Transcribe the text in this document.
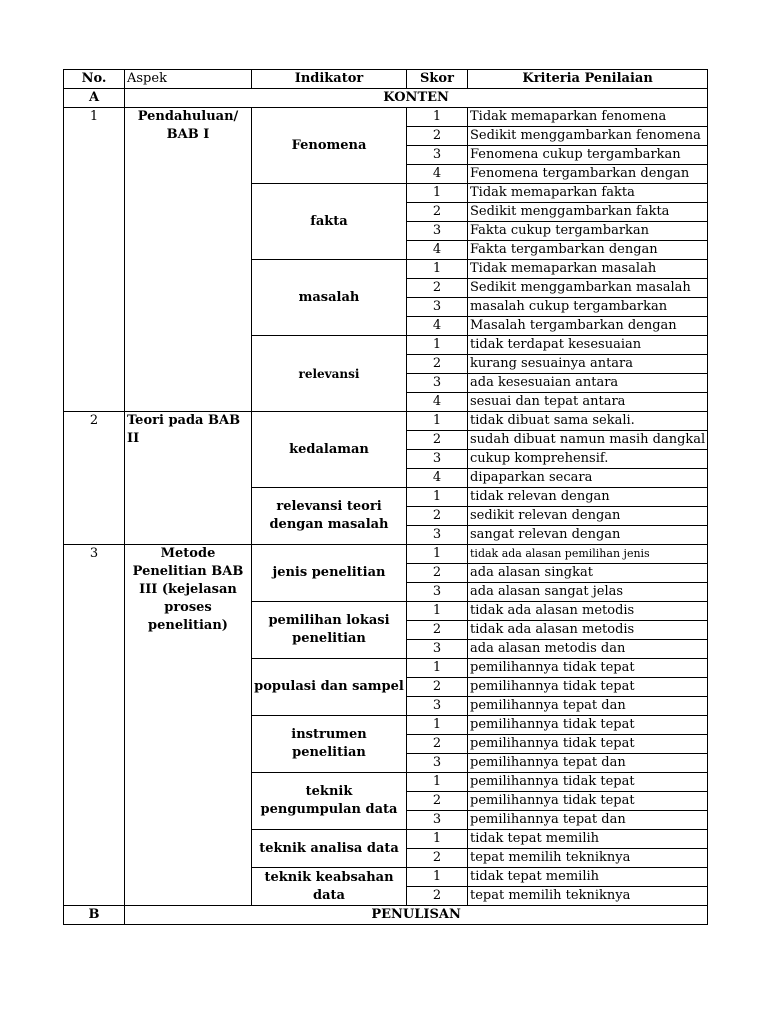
No.	Aspek	Indikator	Skor	Kriteria Penilaian
A	KONTEN			
1	Pendahuluan/ BAB I	Fenomena	1	Tidak memaparkan fenomena
			2	Sedikit menggambarkan fenomena
			3	Fenomena cukup tergambarkan
			4	Fenomena tergambarkan dengan
		fakta	1	Tidak memaparkan fakta
			2	Sedikit menggambarkan fakta
			3	Fakta cukup tergambarkan
			4	Fakta tergambarkan dengan
		masalah	1	Tidak memaparkan masalah
			2	Sedikit menggambarkan masalah
			3	masalah cukup tergambarkan
			4	Masalah tergambarkan dengan
		relevansi	1	tidak terdapat kesesuaian
			2	kurang sesuainya antara
			3	ada kesesuaian antara
			4	sesuai dan tepat antara
2	Teori pada BAB II	kedalaman	1	tidak dibuat sama sekali.
			2	sudah dibuat namun masih dangkal
			3	cukup komprehensif.
			4	dipaparkan secara
		relevansi teori dengan masalah	1	tidak relevan dengan
			2	sedikit relevan dengan
			3	sangat relevan dengan
3	Metode Penelitian BAB III (kejelasan proses penelitian)	jenis penelitian	1	tidak ada alasan pemilihan jenis
			2	ada alasan singkat
			3	ada alasan sangat jelas
		pemilihan lokasi penelitian	1	tidak ada alasan metodis
			2	tidak ada alasan metodis
			3	ada alasan metodis dan
		populasi dan sampel	1	pemilihannya tidak tepat
			2	pemilihannya tidak tepat
			3	pemilihannya tepat dan
		instrumen penelitian	1	pemilihannya tidak tepat
			2	pemilihannya tidak tepat
			3	pemilihannya tepat dan
		teknik pengumpulan data	1	pemilihannya tidak tepat
			2	pemilihannya tidak tepat
			3	pemilihannya tepat dan
		teknik analisa data	1	tidak tepat memilih
			2	tepat memilih tekniknya
		teknik keabsahan data	1	tidak tepat memilih
			2	tepat memilih tekniknya
B	PENULISAN			
